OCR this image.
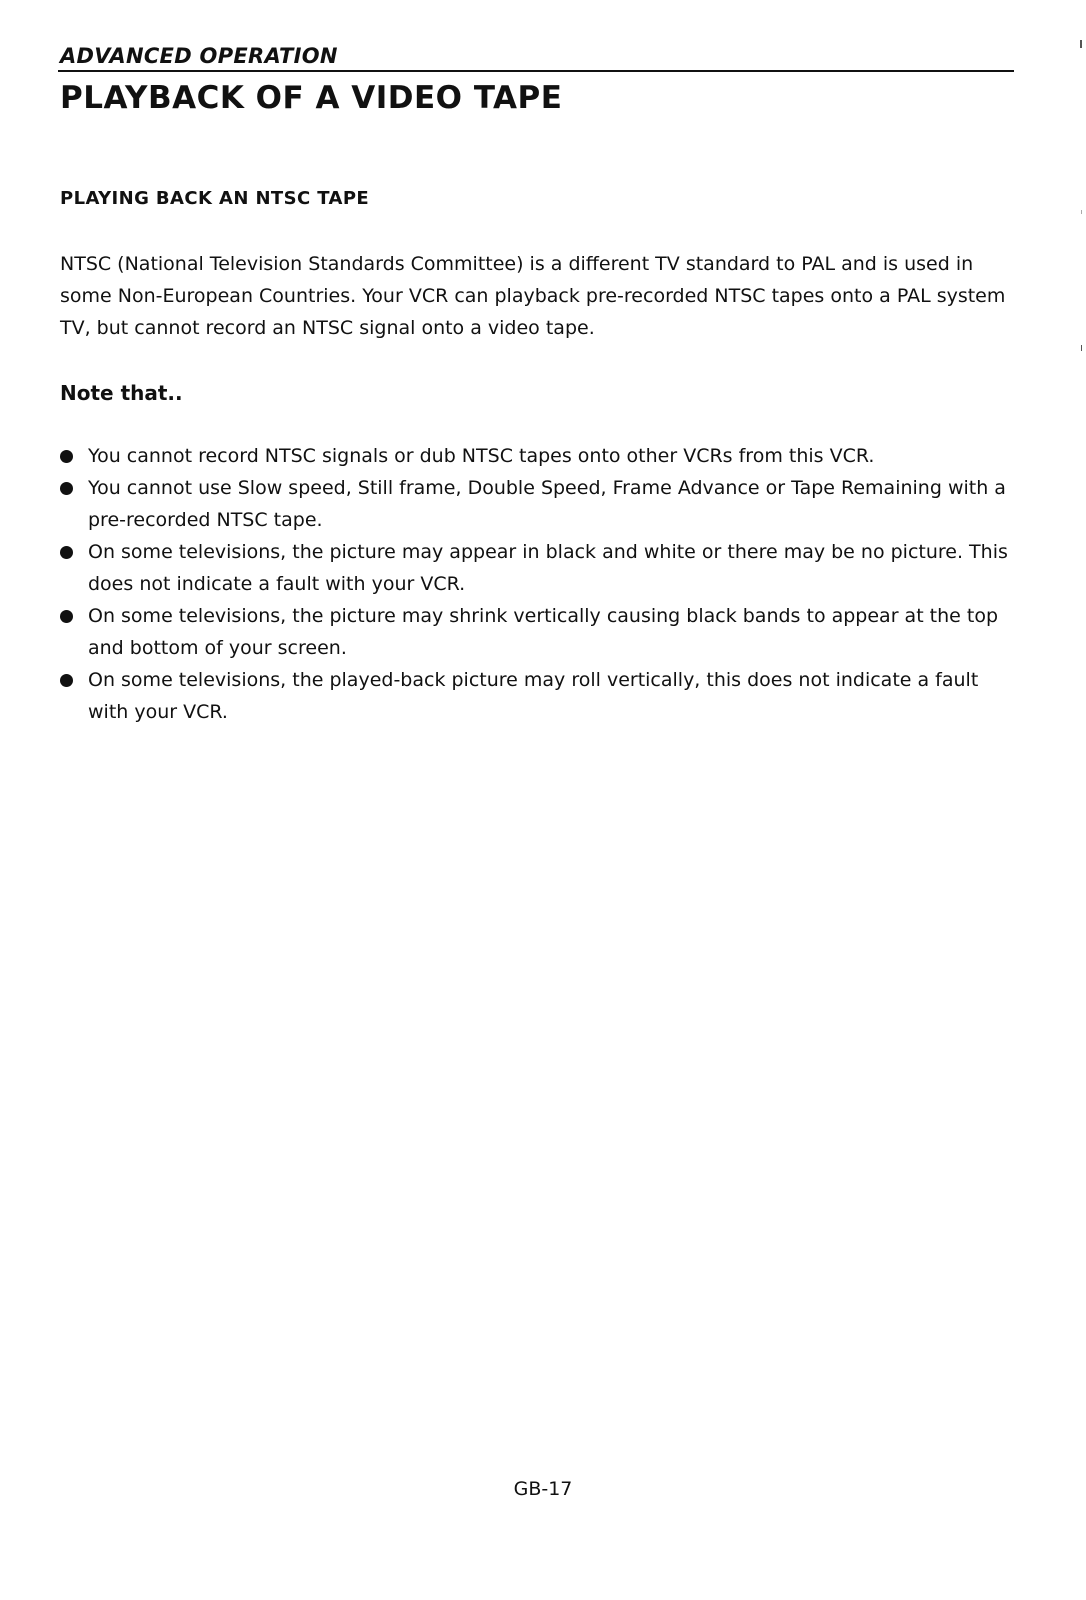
ADVANCED OPERATION
PLAYBACK OF A VIDEO TAPE
PLAYING BACK AN NTSC TAPE

NTSC (National Television Standards Committee) is a different TV standard to PAL and is used in some Non-European Countries. Your VCR can playback pre-recorded NTSC tapes onto a PAL system TV, but cannot record an NTSC signal onto a video tape.

Note that..
You cannot record NTSC signals or dub NTSC tapes onto other VCRs from this VCR.
You cannot use Slow speed, Still frame, Double Speed, Frame Advance or Tape Remaining with a pre-recorded NTSC tape.
On some televisions, the picture may appear in black and white or there may be no picture. This does not indicate a fault with your VCR.
On some televisions, the picture may shrink vertically causing black bands to appear at the top and bottom of your screen.
On some televisions, the played-back picture may roll vertically, this does not indicate a fault with your VCR.

GB-17
